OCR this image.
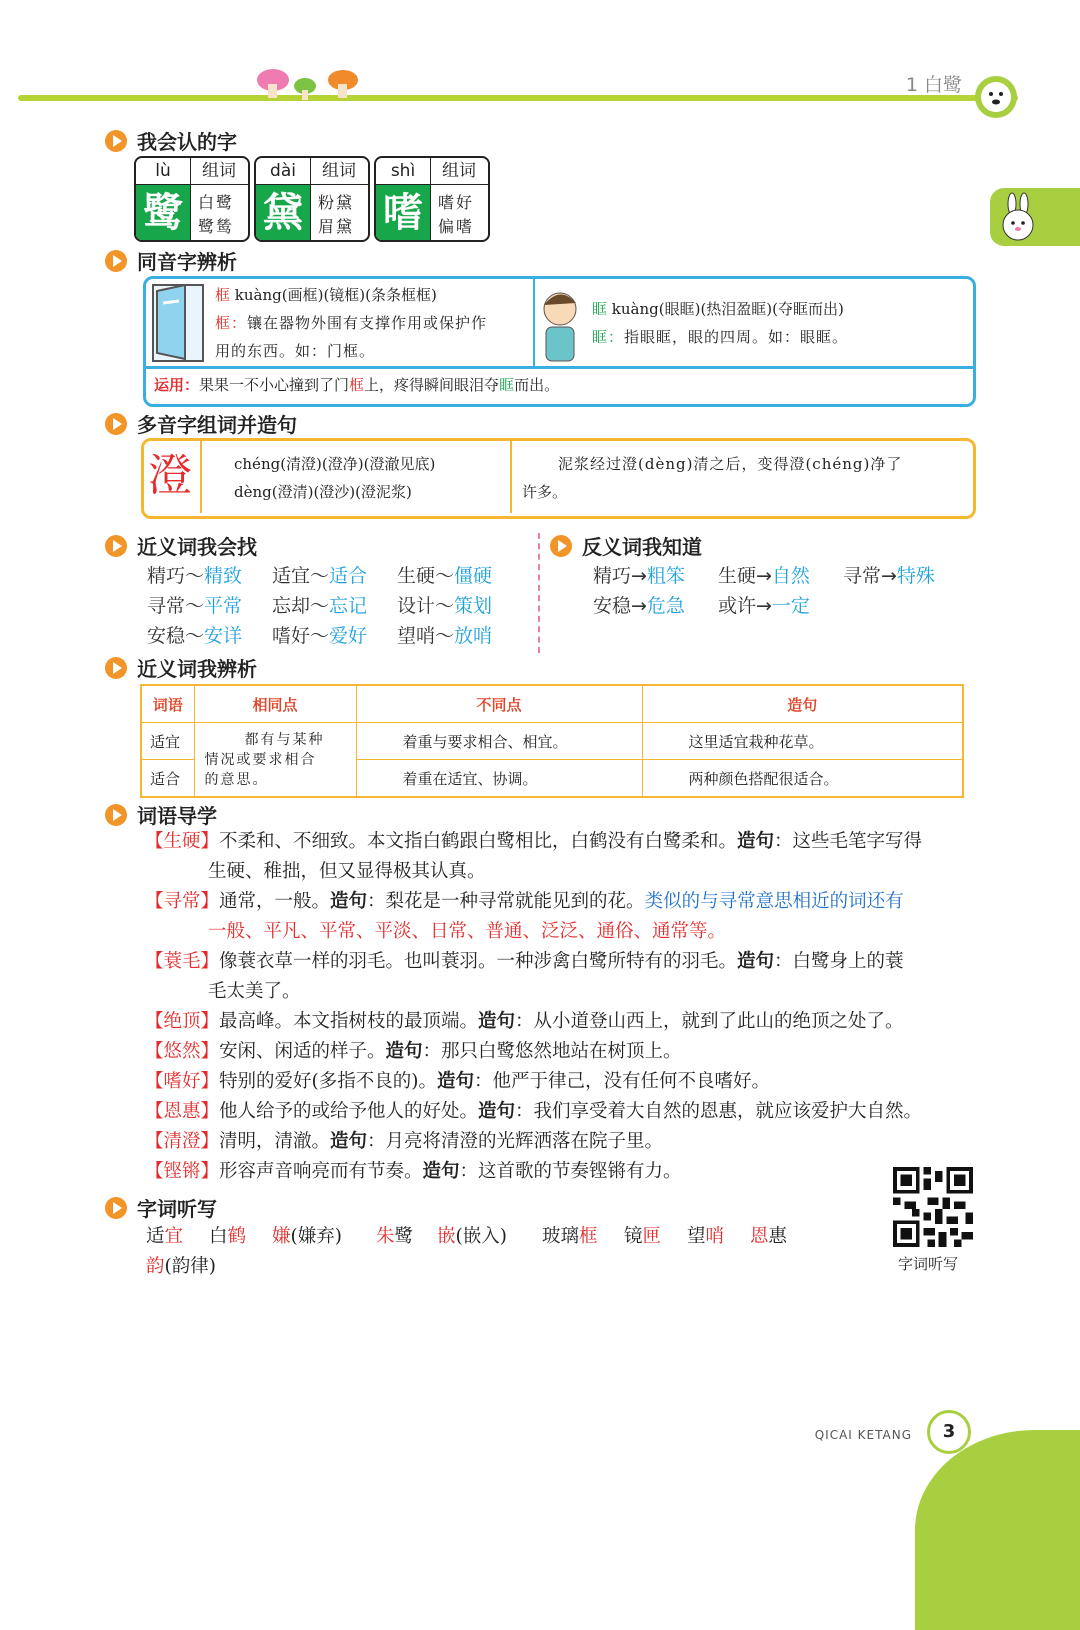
1 白鹭
我会认的字
lù	组词
鹭 白鹭
鹭鸶
dài	组词
黛 粉黛
眉黛
shì	组词
嗜 嗜好
偏嗜
同音字辨析
框 kuàng(画框)(镜框)(条条框框)
框：镶在器物外围有支撑作用或保护作
用的东西。如：门框。
眶 kuàng(眼眶)(热泪盈眶)(夺眶而出)
眶：指眼眶，眼的四周。如：眼眶。
运用：果果一不小心撞到了门框上，疼得瞬间眼泪夺眶而出。
多音字组词并造句
澄	chéng(清澄)(澄净)(澄澈见底)
dèng(澄清)(澄沙)(澄泥浆)
泥浆经过澄(dèng)清之后，变得澄(chéng)净了
许多。
近义词我会找	反义词我知道
精巧～精致 适宜～适合 生硬～僵硬
寻常～平常 忘却～忘记 设计～策划
安稳～安详 嗜好～爱好 望哨～放哨
精巧→粗笨 生硬→自然 寻常→特殊
安稳→危急 或许→一定
近义词我辨析
词语	相同点	不同点	造句
适宜	都有与某种
情况或要求相合
的意思。	着重与要求相合、相宜。	这里适宜栽种花草。
适合		着重在适宜、协调。	两种颜色搭配很适合。
词语导学
【生硬】不柔和、不细致。本文指白鹤跟白鹭相比，白鹤没有白鹭柔和。造句：这些毛笔字写得
生硬、稚拙，但又显得极其认真。
【寻常】通常，一般。造句：梨花是一种寻常就能见到的花。类似的与寻常意思相近的词还有
一般、平凡、平常、平淡、日常、普通、泛泛、通俗、通常等。
【蓑毛】像蓑衣草一样的羽毛。也叫蓑羽。一种涉禽白鹭所特有的羽毛。造句：白鹭身上的蓑
毛太美了。
【绝顶】最高峰。本文指树枝的最顶端。造句：从小道登山西上，就到了此山的绝顶之处了。
【悠然】安闲、闲适的样子。造句：那只白鹭悠然地站在树顶上。
【嗜好】特别的爱好(多指不良的)。造句：他严于律己，没有任何不良嗜好。
【恩惠】他人给予的或给予他人的好处。造句：我们享受着大自然的恩惠，就应该爱护大自然。
【清澄】清明，清澈。造句：月亮将清澄的光辉洒落在院子里。
【铿锵】形容声音响亮而有节奏。造句：这首歌的节奏铿锵有力。
字词听写
适宜 白鹤 嫌(嫌弃) 朱鹭 嵌(嵌入) 玻璃框 镜匣 望哨 恩惠
韵(韵律)	字词听写
QICAI KETANG	3
